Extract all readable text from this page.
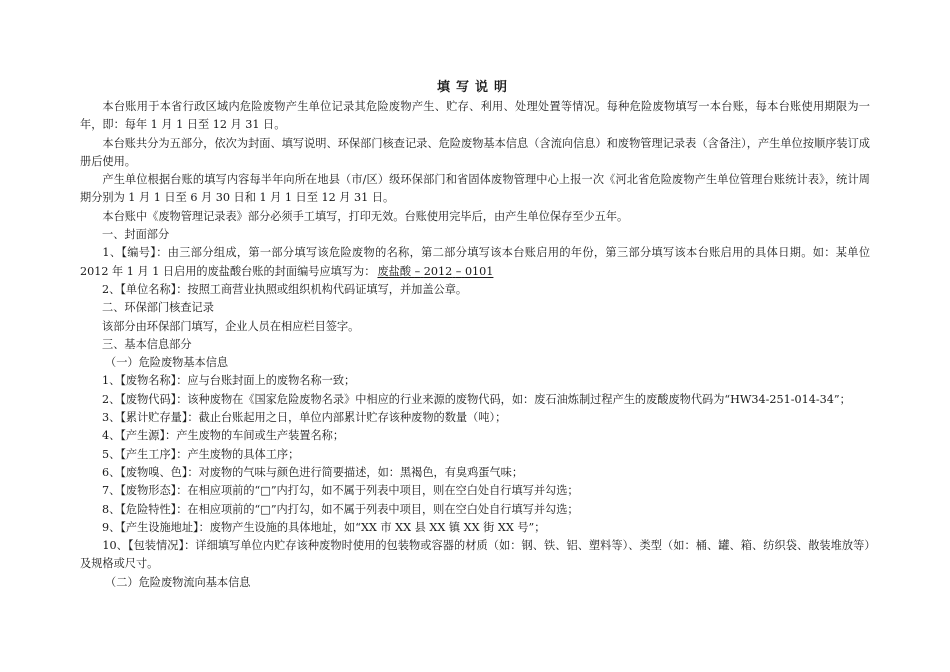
填写说明

本台账用于本省行政区域内危险废物产生单位记录其危险废物产生、贮存、利用、处理处置等情况。每种危险废物填写一本台账，每本台账使用期限为一年，即：每年 1 月 1 日至 12 月 31 日。

本台账共分为五部分，依次为封面、填写说明、环保部门核查记录、危险废物基本信息（含流向信息）和废物管理记录表（含备注），产生单位按顺序装订成册后使用。

产生单位根据台账的填写内容每半年向所在地县（市/区）级环保部门和省固体废物管理中心上报一次《河北省危险废物产生单位管理台账统计表》，统计周期分别为 1 月 1 日至 6 月 30 日和 1 月 1 日至 12 月 31 日。

本台账中《废物管理记录表》部分必须手工填写，打印无效。台账使用完毕后，由产生单位保存至少五年。

一、封面部分

1、【编号】：由三部分组成，第一部分填写该危险废物的名称，第二部分填写该本台账启用的年份，第三部分填写该本台账启用的具体日期。如：某单位 2012 年 1 月 1 日启用的废盐酸台账的封面编号应填写为： 废盐酸 – 2012 – 0101

2、【单位名称】：按照工商营业执照或组织机构代码证填写，并加盖公章。
二、环保部门核查记录
该部分由环保部门填写，企业人员在相应栏目签字。
三、基本信息部分
（一）危险废物基本信息
1、【废物名称】：应与台账封面上的废物名称一致；
2、【废物代码】：该种废物在《国家危险废物名录》中相应的行业来源的废物代码，如：废石油炼制过程产生的废酸废物代码为“HW34-251-014-34”；
3、【累计贮存量】：截止台账起用之日，单位内部累计贮存该种废物的数量（吨）；
4、【产生源】：产生废物的车间或生产装置名称；
5、【产生工序】：产生废物的具体工序；
6、【废物嗅、色】：对废物的气味与颜色进行简要描述，如：黑褐色，有臭鸡蛋气味；
7、【废物形态】：在相应项前的“□”内打勾，如不属于列表中项目，则在空白处自行填写并勾选；
8、【危险特性】：在相应项前的“□”内打勾，如不属于列表中项目，则在空白处自行填写并勾选；
9、【产生设施地址】：废物产生设施的具体地址，如“XX 市 XX 县 XX 镇 XX 街 XX 号”；

10、【包装情况】：详细填写单位内贮存该种废物时使用的包装物或容器的材质（如：钢、铁、铝、塑料等）、类型（如：桶、罐、箱、纺织袋、散装堆放等）及规格或尺寸。

（二）危险废物流向基本信息
